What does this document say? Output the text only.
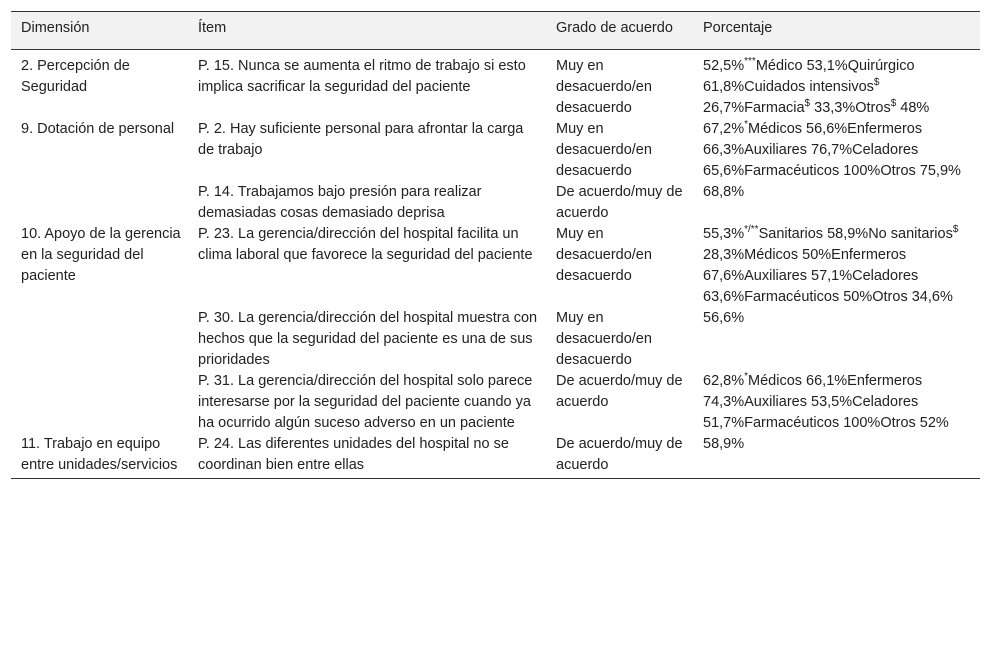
Dimensión	Ítem	Grado de acuerdo	Porcentaje
2. Percepción de Seguridad	P. 15. Nunca se aumenta el ritmo de trabajo si esto implica sacrificar la seguridad del paciente	Muy en desacuerdo/en desacuerdo	52,5%***Médico 53,1%Quirúrgico 61,8%Cuidados intensivos$ 26,7%Farmacia$ 33,3%Otros$ 48%
9. Dotación de personal	P. 2. Hay suficiente personal para afrontar la carga de trabajo	Muy en desacuerdo/en desacuerdo	67,2%*Médicos 56,6%Enfermeros 66,3%Auxiliares 76,7%Celadores 65,6%Farmacéuticos 100%Otros 75,9%
	P. 14. Trabajamos bajo presión para realizar demasiadas cosas demasiado deprisa	De acuerdo/muy de acuerdo	68,8%
10. Apoyo de la gerencia en la seguridad del paciente	P. 23. La gerencia/dirección del hospital facilita un clima laboral que favorece la seguridad del paciente	Muy en desacuerdo/en desacuerdo	55,3%*/**Sanitarios 58,9%No sanitarios$ 28,3%Médicos 50%Enfermeros 67,6%Auxiliares 57,1%Celadores 63,6%Farmacéuticos 50%Otros 34,6%
	P. 30. La gerencia/dirección del hospital muestra con hechos que la seguridad del paciente es una de sus prioridades	Muy en desacuerdo/en desacuerdo	56,6%
	P. 31. La gerencia/dirección del hospital solo parece interesarse por la seguridad del paciente cuando ya ha ocurrido algún suceso adverso en un paciente	De acuerdo/muy de acuerdo	62,8%*Médicos 66,1%Enfermeros 74,3%Auxiliares 53,5%Celadores 51,7%Farmacéuticos 100%Otros 52%
11. Trabajo en equipo entre unidades/servicios	P. 24. Las diferentes unidades del hospital no se coordinan bien entre ellas	De acuerdo/muy de acuerdo	58,9%
